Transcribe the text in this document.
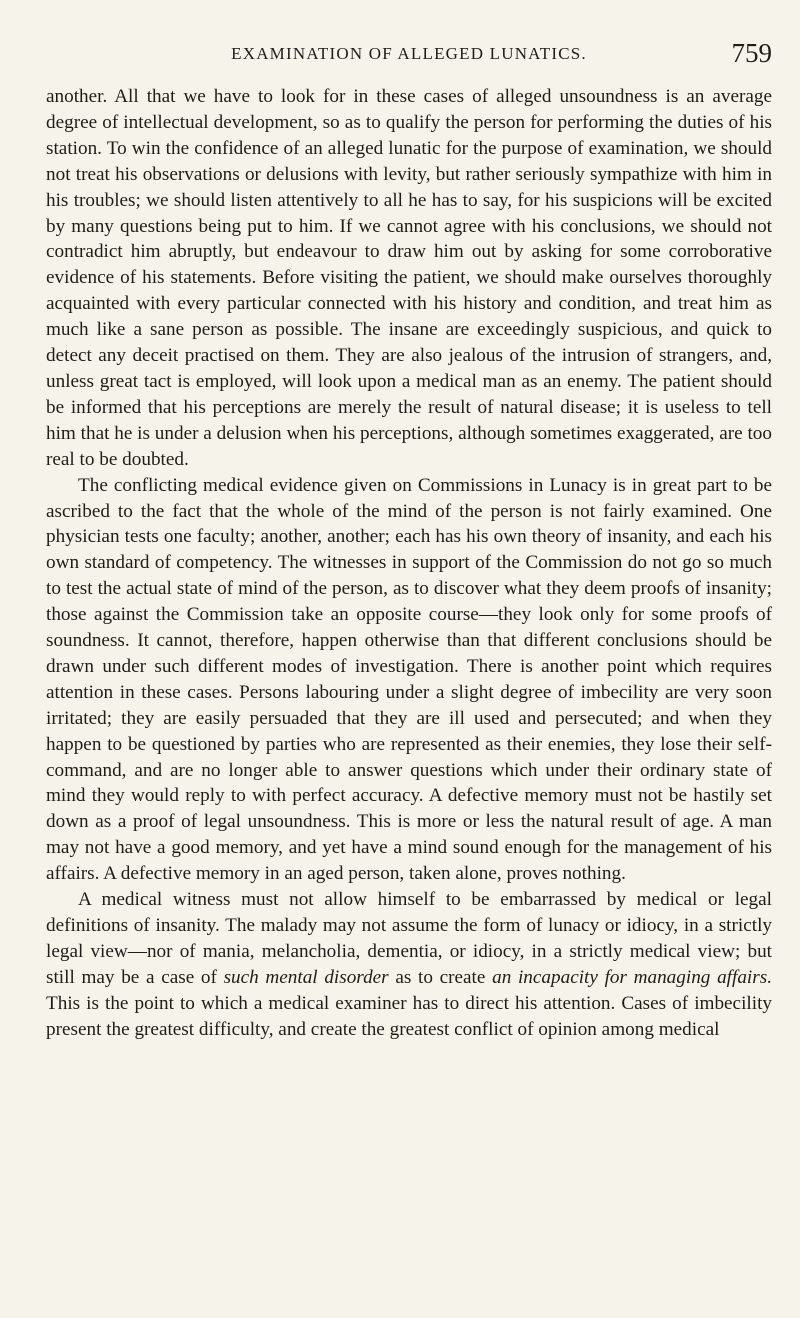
EXAMINATION OF ALLEGED LUNATICS.	759

another. All that we have to look for in these cases of alleged unsoundness is an average degree of intellectual development, so as to qualify the person for performing the duties of his station. To win the confidence of an alleged lunatic for the purpose of examination, we should not treat his observations or delusions with levity, but rather seriously sympathize with him in his troubles; we should listen attentively to all he has to say, for his suspicions will be excited by many questions being put to him. If we cannot agree with his conclusions, we should not contradict him abruptly, but endeavour to draw him out by asking for some corroborative evidence of his statements. Before visiting the patient, we should make ourselves thoroughly acquainted with every particular connected with his history and condition, and treat him as much like a sane person as possible. The insane are exceedingly suspicious, and quick to detect any deceit practised on them. They are also jealous of the intrusion of strangers, and, unless great tact is employed, will look upon a medical man as an enemy. The patient should be informed that his perceptions are merely the result of natural disease; it is useless to tell him that he is under a delusion when his perceptions, although sometimes exaggerated, are too real to be doubted.

The conflicting medical evidence given on Commissions in Lunacy is in great part to be ascribed to the fact that the whole of the mind of the person is not fairly examined. One physician tests one faculty; another, another; each has his own theory of insanity, and each his own standard of competency. The witnesses in support of the Commission do not go so much to test the actual state of mind of the person, as to discover what they deem proofs of insanity; those against the Commission take an opposite course—they look only for some proofs of soundness. It cannot, therefore, happen otherwise than that different conclusions should be drawn under such different modes of investigation. There is another point which requires attention in these cases. Persons labouring under a slight degree of imbecility are very soon irritated; they are easily persuaded that they are ill used and persecuted; and when they happen to be questioned by parties who are represented as their enemies, they lose their self-command, and are no longer able to answer questions which under their ordinary state of mind they would reply to with perfect accuracy. A defective memory must not be hastily set down as a proof of legal unsoundness. This is more or less the natural result of age. A man may not have a good memory, and yet have a mind sound enough for the management of his affairs. A defective memory in an aged person, taken alone, proves nothing.

A medical witness must not allow himself to be embarrassed by medical or legal definitions of insanity. The malady may not assume the form of lunacy or idiocy, in a strictly legal view—nor of mania, melancholia, dementia, or idiocy, in a strictly medical view; but still may be a case of such mental disorder as to create an incapacity for managing affairs. This is the point to which a medical examiner has to direct his attention. Cases of imbecility present the greatest difficulty, and create the greatest conflict of opinion among medical
